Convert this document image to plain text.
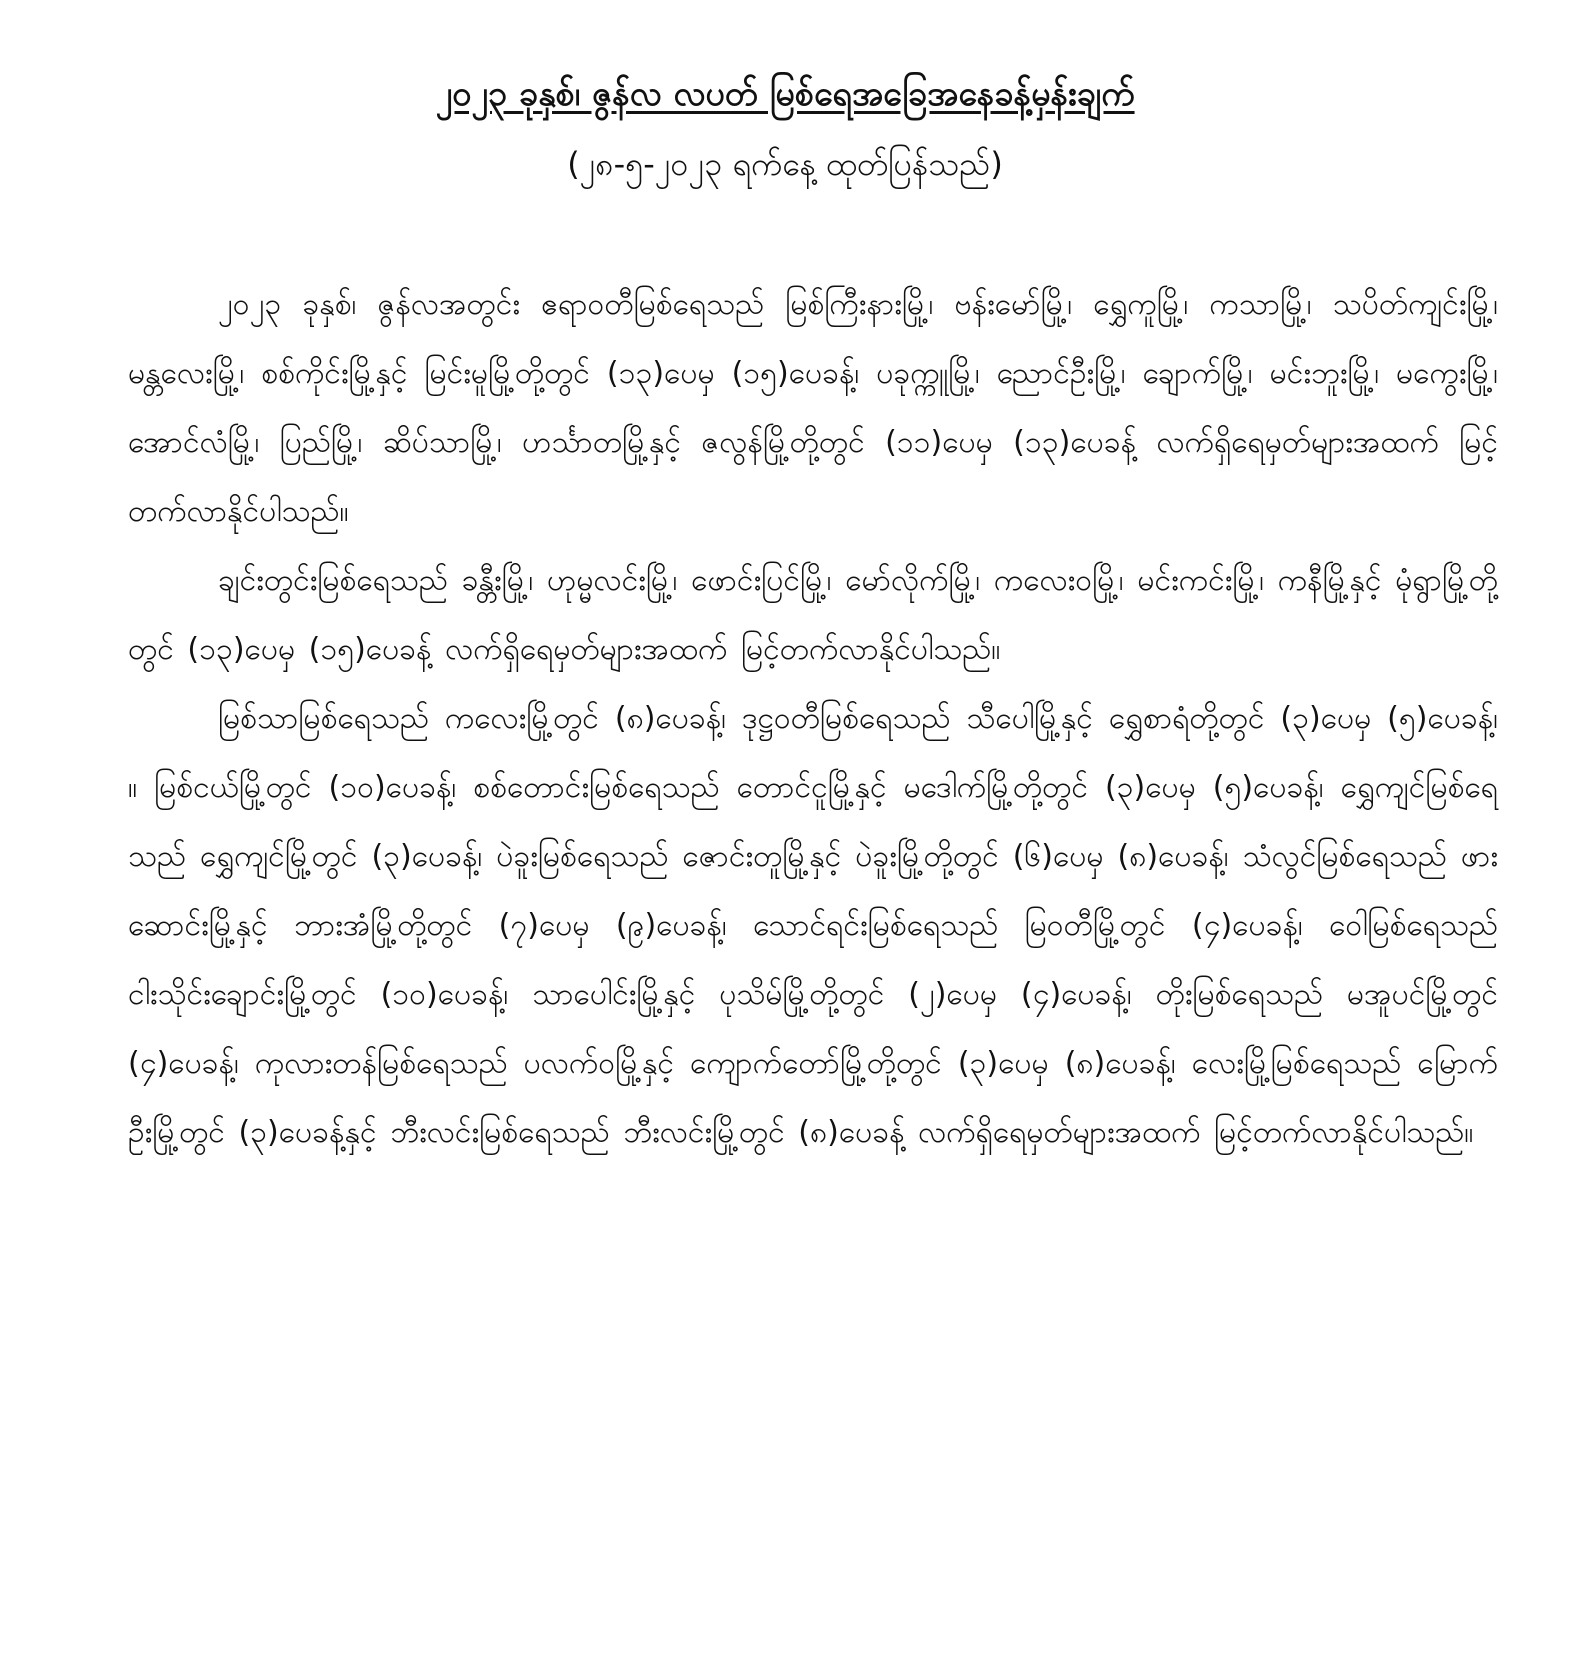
၂၀၂၃ ခုနှစ်၊ ဇွန်လ လပတ် မြစ်ရေအခြေအနေခန့်မှန်းချက်

(၂၈-၅-၂၀၂၃ ရက်နေ့ ထုတ်ပြန်သည်)

၂၀၂၃ ခုနှစ်၊ ဇွန်လအတွင်း ဧရာဝတီမြစ်ရေသည် မြစ်ကြီးနားမြို့၊ ဗန်းမော်မြို့၊ ရွှေကူမြို့၊ ကသာမြို့၊ သပိတ်ကျင်းမြို့၊ မန္တလေးမြို့၊ စစ်ကိုင်းမြို့နှင့် မြင်းမူမြို့တို့တွင် (၁၃)ပေမှ (၁၅)ပေခန့်၊ ပခုက္ကူမြို့၊ ညောင်ဦးမြို့၊ ချောက်မြို့၊ မင်းဘူးမြို့၊ မကွေးမြို့၊ အောင်လံမြို့၊ ပြည်မြို့၊ ဆိပ်သာမြို့၊ ဟင်္သာတမြို့နှင့် ဇလွန်မြို့တို့တွင် (၁၁)ပေမှ (၁၃)ပေခန့် လက်ရှိရေမှတ်များအထက် မြင့်တက်လာနိုင်ပါသည်။

ချင်းတွင်းမြစ်ရေသည် ခန္တီးမြို့၊ ဟုမ္မလင်းမြို့၊ ဖောင်းပြင်မြို့၊ မော်လိုက်မြို့၊ ကလေးဝမြို့၊ မင်းကင်းမြို့၊ ကနီမြို့နှင့် မုံရွာမြို့တို့တွင် (၁၃)ပေမှ (၁၅)ပေခန့် လက်ရှိရေမှတ်များအထက် မြင့်တက်လာနိုင်ပါသည်။

မြစ်သာမြစ်ရေသည် ကလေးမြို့တွင် (၈)ပေခန့်၊ ဒုဋ္ဌဝတီမြစ်ရေသည် သီပေါမြို့နှင့် ရွှေစာရံတို့တွင် (၃)ပေမှ (၅)ပေခန့်၊ ။ မြစ်ငယ်မြို့တွင် (၁၀)ပေခန့်၊ စစ်တောင်းမြစ်ရေသည် တောင်ငူမြို့နှင့် မဒေါက်မြို့တို့တွင် (၃)ပေမှ (၅)ပေခန့်၊ ရွှေကျင်မြစ်ရေသည် ရွှေကျင်မြို့တွင် (၃)ပေခန့်၊ ပဲခူးမြစ်ရေသည် ဇောင်းတူမြို့နှင့် ပဲခူးမြို့တို့တွင် (၆)ပေမှ (၈)ပေခန့်၊ သံလွင်မြစ်ရေသည် ဖားဆောင်းမြို့နှင့် ဘားအံမြို့တို့တွင် (၇)ပေမှ (၉)ပေခန့်၊ သောင်ရင်းမြစ်ရေသည် မြဝတီမြို့တွင် (၄)ပေခန့်၊ ဝေါမြစ်ရေသည် ငါးသိုင်းချောင်းမြို့တွင် (၁၀)ပေခန့်၊ သာပေါင်းမြို့နှင့် ပုသိမ်မြို့တို့တွင် (၂)ပေမှ (၄)ပေခန့်၊ တိုးမြစ်ရေသည် မအူပင်မြို့တွင် (၄)ပေခန့်၊ ကုလားတန်မြစ်ရေသည် ပလက်ဝမြို့နှင့် ကျောက်တော်မြို့တို့တွင် (၃)ပေမှ (၈)ပေခန့်၊ လေးမြို့မြစ်ရေသည် မြောက်ဦးမြို့တွင် (၃)ပေခန့်နှင့် ဘီးလင်းမြစ်ရေသည် ဘီးလင်းမြို့တွင် (၈)ပေခန့် လက်ရှိရေမှတ်များအထက် မြင့်တက်လာနိုင်ပါသည်။
